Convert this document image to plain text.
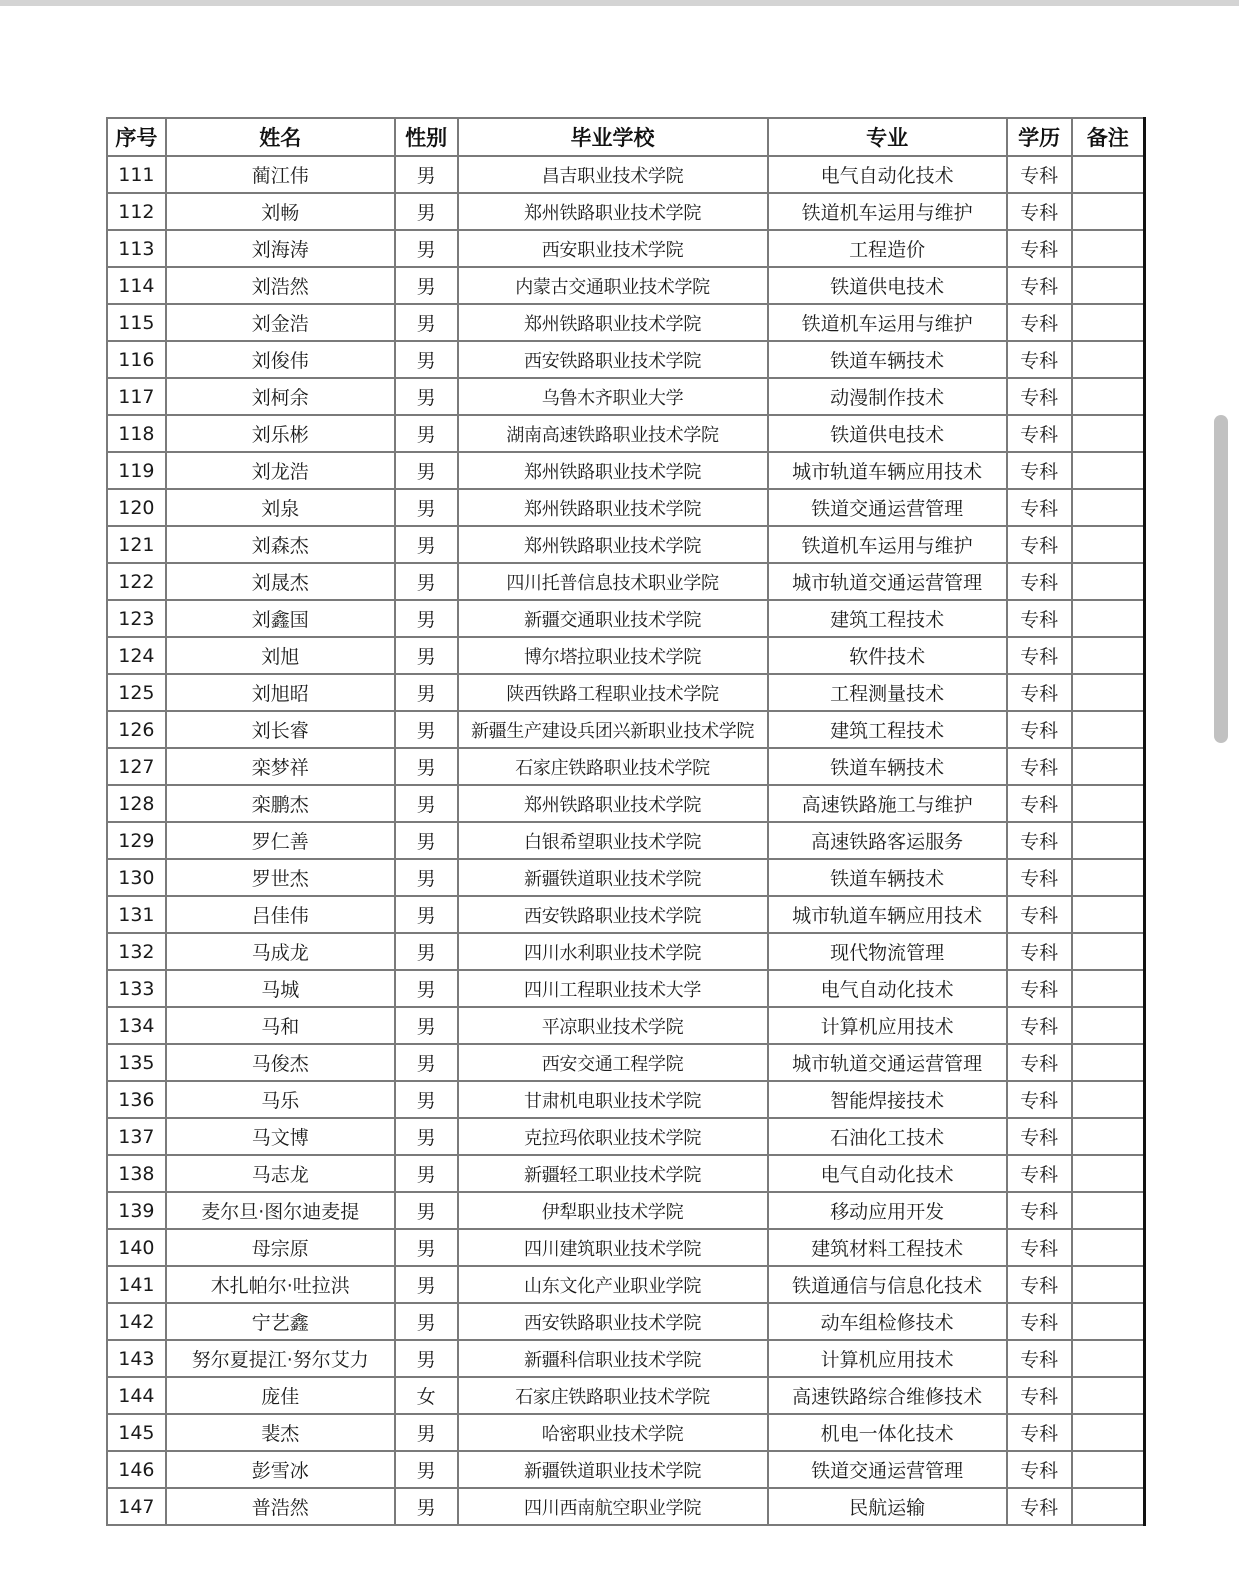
序号	姓名	性别	毕业学校	专业	学历	备注
111	蔺江伟	男	昌吉职业技术学院	电气自动化技术	专科	
112	刘畅	男	郑州铁路职业技术学院	铁道机车运用与维护	专科	
113	刘海涛	男	西安职业技术学院	工程造价	专科	
114	刘浩然	男	内蒙古交通职业技术学院	铁道供电技术	专科	
115	刘金浩	男	郑州铁路职业技术学院	铁道机车运用与维护	专科	
116	刘俊伟	男	西安铁路职业技术学院	铁道车辆技术	专科	
117	刘柯余	男	乌鲁木齐职业大学	动漫制作技术	专科	
118	刘乐彬	男	湖南高速铁路职业技术学院	铁道供电技术	专科	
119	刘龙浩	男	郑州铁路职业技术学院	城市轨道车辆应用技术	专科	
120	刘泉	男	郑州铁路职业技术学院	铁道交通运营管理	专科	
121	刘森杰	男	郑州铁路职业技术学院	铁道机车运用与维护	专科	
122	刘晟杰	男	四川托普信息技术职业学院	城市轨道交通运营管理	专科	
123	刘鑫国	男	新疆交通职业技术学院	建筑工程技术	专科	
124	刘旭	男	博尔塔拉职业技术学院	软件技术	专科	
125	刘旭昭	男	陕西铁路工程职业技术学院	工程测量技术	专科	
126	刘长睿	男	新疆生产建设兵团兴新职业技术学院	建筑工程技术	专科	
127	栾梦祥	男	石家庄铁路职业技术学院	铁道车辆技术	专科	
128	栾鹏杰	男	郑州铁路职业技术学院	高速铁路施工与维护	专科	
129	罗仁善	男	白银希望职业技术学院	高速铁路客运服务	专科	
130	罗世杰	男	新疆铁道职业技术学院	铁道车辆技术	专科	
131	吕佳伟	男	西安铁路职业技术学院	城市轨道车辆应用技术	专科	
132	马成龙	男	四川水利职业技术学院	现代物流管理	专科	
133	马城	男	四川工程职业技术大学	电气自动化技术	专科	
134	马和	男	平凉职业技术学院	计算机应用技术	专科	
135	马俊杰	男	西安交通工程学院	城市轨道交通运营管理	专科	
136	马乐	男	甘肃机电职业技术学院	智能焊接技术	专科	
137	马文博	男	克拉玛依职业技术学院	石油化工技术	专科	
138	马志龙	男	新疆轻工职业技术学院	电气自动化技术	专科	
139	麦尔旦·图尔迪麦提	男	伊犁职业技术学院	移动应用开发	专科	
140	母宗原	男	四川建筑职业技术学院	建筑材料工程技术	专科	
141	木扎帕尔·吐拉洪	男	山东文化产业职业学院	铁道通信与信息化技术	专科	
142	宁艺鑫	男	西安铁路职业技术学院	动车组检修技术	专科	
143	努尔夏提江·努尔艾力	男	新疆科信职业技术学院	计算机应用技术	专科	
144	庞佳	女	石家庄铁路职业技术学院	高速铁路综合维修技术	专科	
145	裴杰	男	哈密职业技术学院	机电一体化技术	专科	
146	彭雪冰	男	新疆铁道职业技术学院	铁道交通运营管理	专科	
147	普浩然	男	四川西南航空职业学院	民航运输	专科	
